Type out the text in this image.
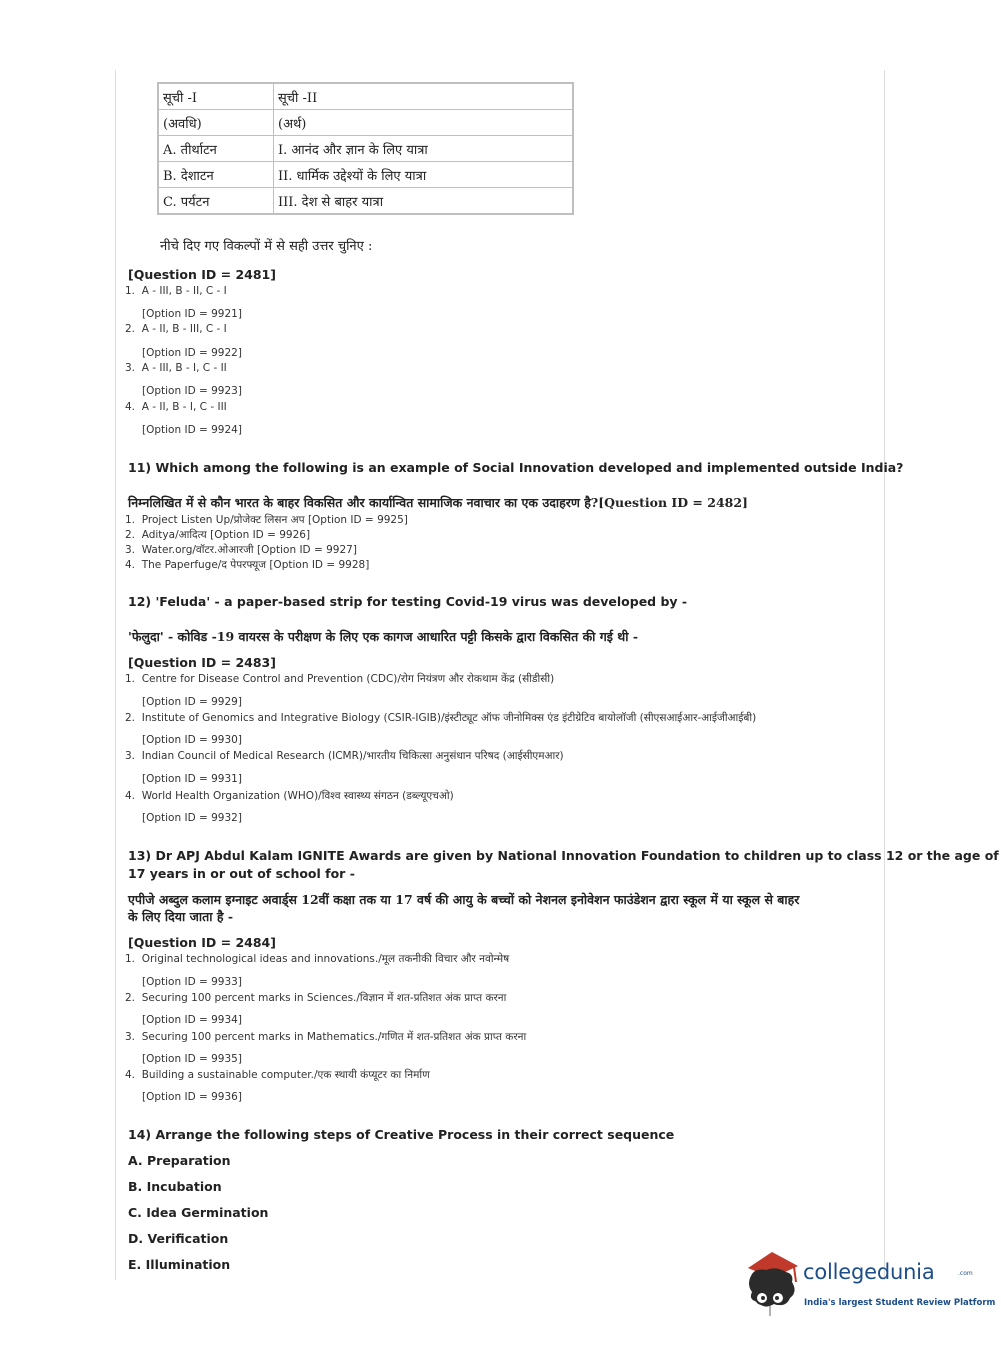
सूची -I	सूची -II
(अवधि)	(अर्थ)
A. तीर्थाटन	I. आनंद और ज्ञान के लिए यात्रा
B. देशाटन	II. धार्मिक उद्देश्यों के लिए यात्रा
C. पर्यटन	III. देश से बाहर यात्रा
नीचे दिए गए विकल्पों में से सही उत्तर चुनिए :
[Question ID = 2481]
1. A - III, B - II, C - I
[Option ID = 9921]
2. A - II, B - III, C - I
[Option ID = 9922]
3. A - III, B - I, C - II
[Option ID = 9923]
4. A - II, B - I, C - III
[Option ID = 9924]
11) Which among the following is an example of Social Innovation developed and implemented outside India?
निम्नलिखित में से कौन भारत के बाहर विकसित और कार्यान्वित सामाजिक नवाचार का एक उदाहरण है?[Question ID = 2482]
1. Project Listen Up/प्रोजेक्ट लिसन अप [Option ID = 9925]
2. Aditya/आदित्य [Option ID = 9926]
3. Water.org/वॉटर.ओआरजी [Option ID = 9927]
4. The Paperfuge/द पेपरफ्यूज [Option ID = 9928]
12) 'Feluda' - a paper-based strip for testing Covid-19 virus was developed by -
'फेलुदा' - कोविड -19 वायरस के परीक्षण के लिए एक कागज आधारित पट्टी किसके द्वारा विकसित की गई थी -
[Question ID = 2483]
1. Centre for Disease Control and Prevention (CDC)/रोग नियंत्रण और रोकथाम केंद्र (सीडीसी)
[Option ID = 9929]
2. Institute of Genomics and Integrative Biology (CSIR-IGIB)/इंस्टीट्यूट ऑफ जीनोमिक्स एंड इंटीग्रेटिव बायोलॉजी (सीएसआईआर-आईजीआईबी)
[Option ID = 9930]
3. Indian Council of Medical Research (ICMR)/भारतीय चिकित्सा अनुसंधान परिषद (आईसीएमआर)
[Option ID = 9931]
4. World Health Organization (WHO)/विश्व स्वास्थ्य संगठन (डब्ल्यूएचओ)
[Option ID = 9932]
13) Dr APJ Abdul Kalam IGNITE Awards are given by National Innovation Foundation to children up to class 12 or the age of
17 years in or out of school for -
एपीजे अब्दुल कलाम इग्नाइट अवार्ड्स 12वीं कक्षा तक या 17 वर्ष की आयु के बच्चों को नेशनल इनोवेशन फाउंडेशन द्वारा स्कूल में या स्कूल से बाहर
के लिए दिया जाता है -
[Question ID = 2484]
1. Original technological ideas and innovations./मूल तकनीकी विचार और नवोन्मेष
[Option ID = 9933]
2. Securing 100 percent marks in Sciences./विज्ञान में शत-प्रतिशत अंक प्राप्त करना
[Option ID = 9934]
3. Securing 100 percent marks in Mathematics./गणित में शत-प्रतिशत अंक प्राप्त करना
[Option ID = 9935]
4. Building a sustainable computer./एक स्थायी कंप्यूटर का निर्माण
[Option ID = 9936]
14) Arrange the following steps of Creative Process in their correct sequence
A. Preparation
B. Incubation
C. Idea Germination
D. Verification
E. Illumination	collegedunia	.com
India's largest Student Review Platform
